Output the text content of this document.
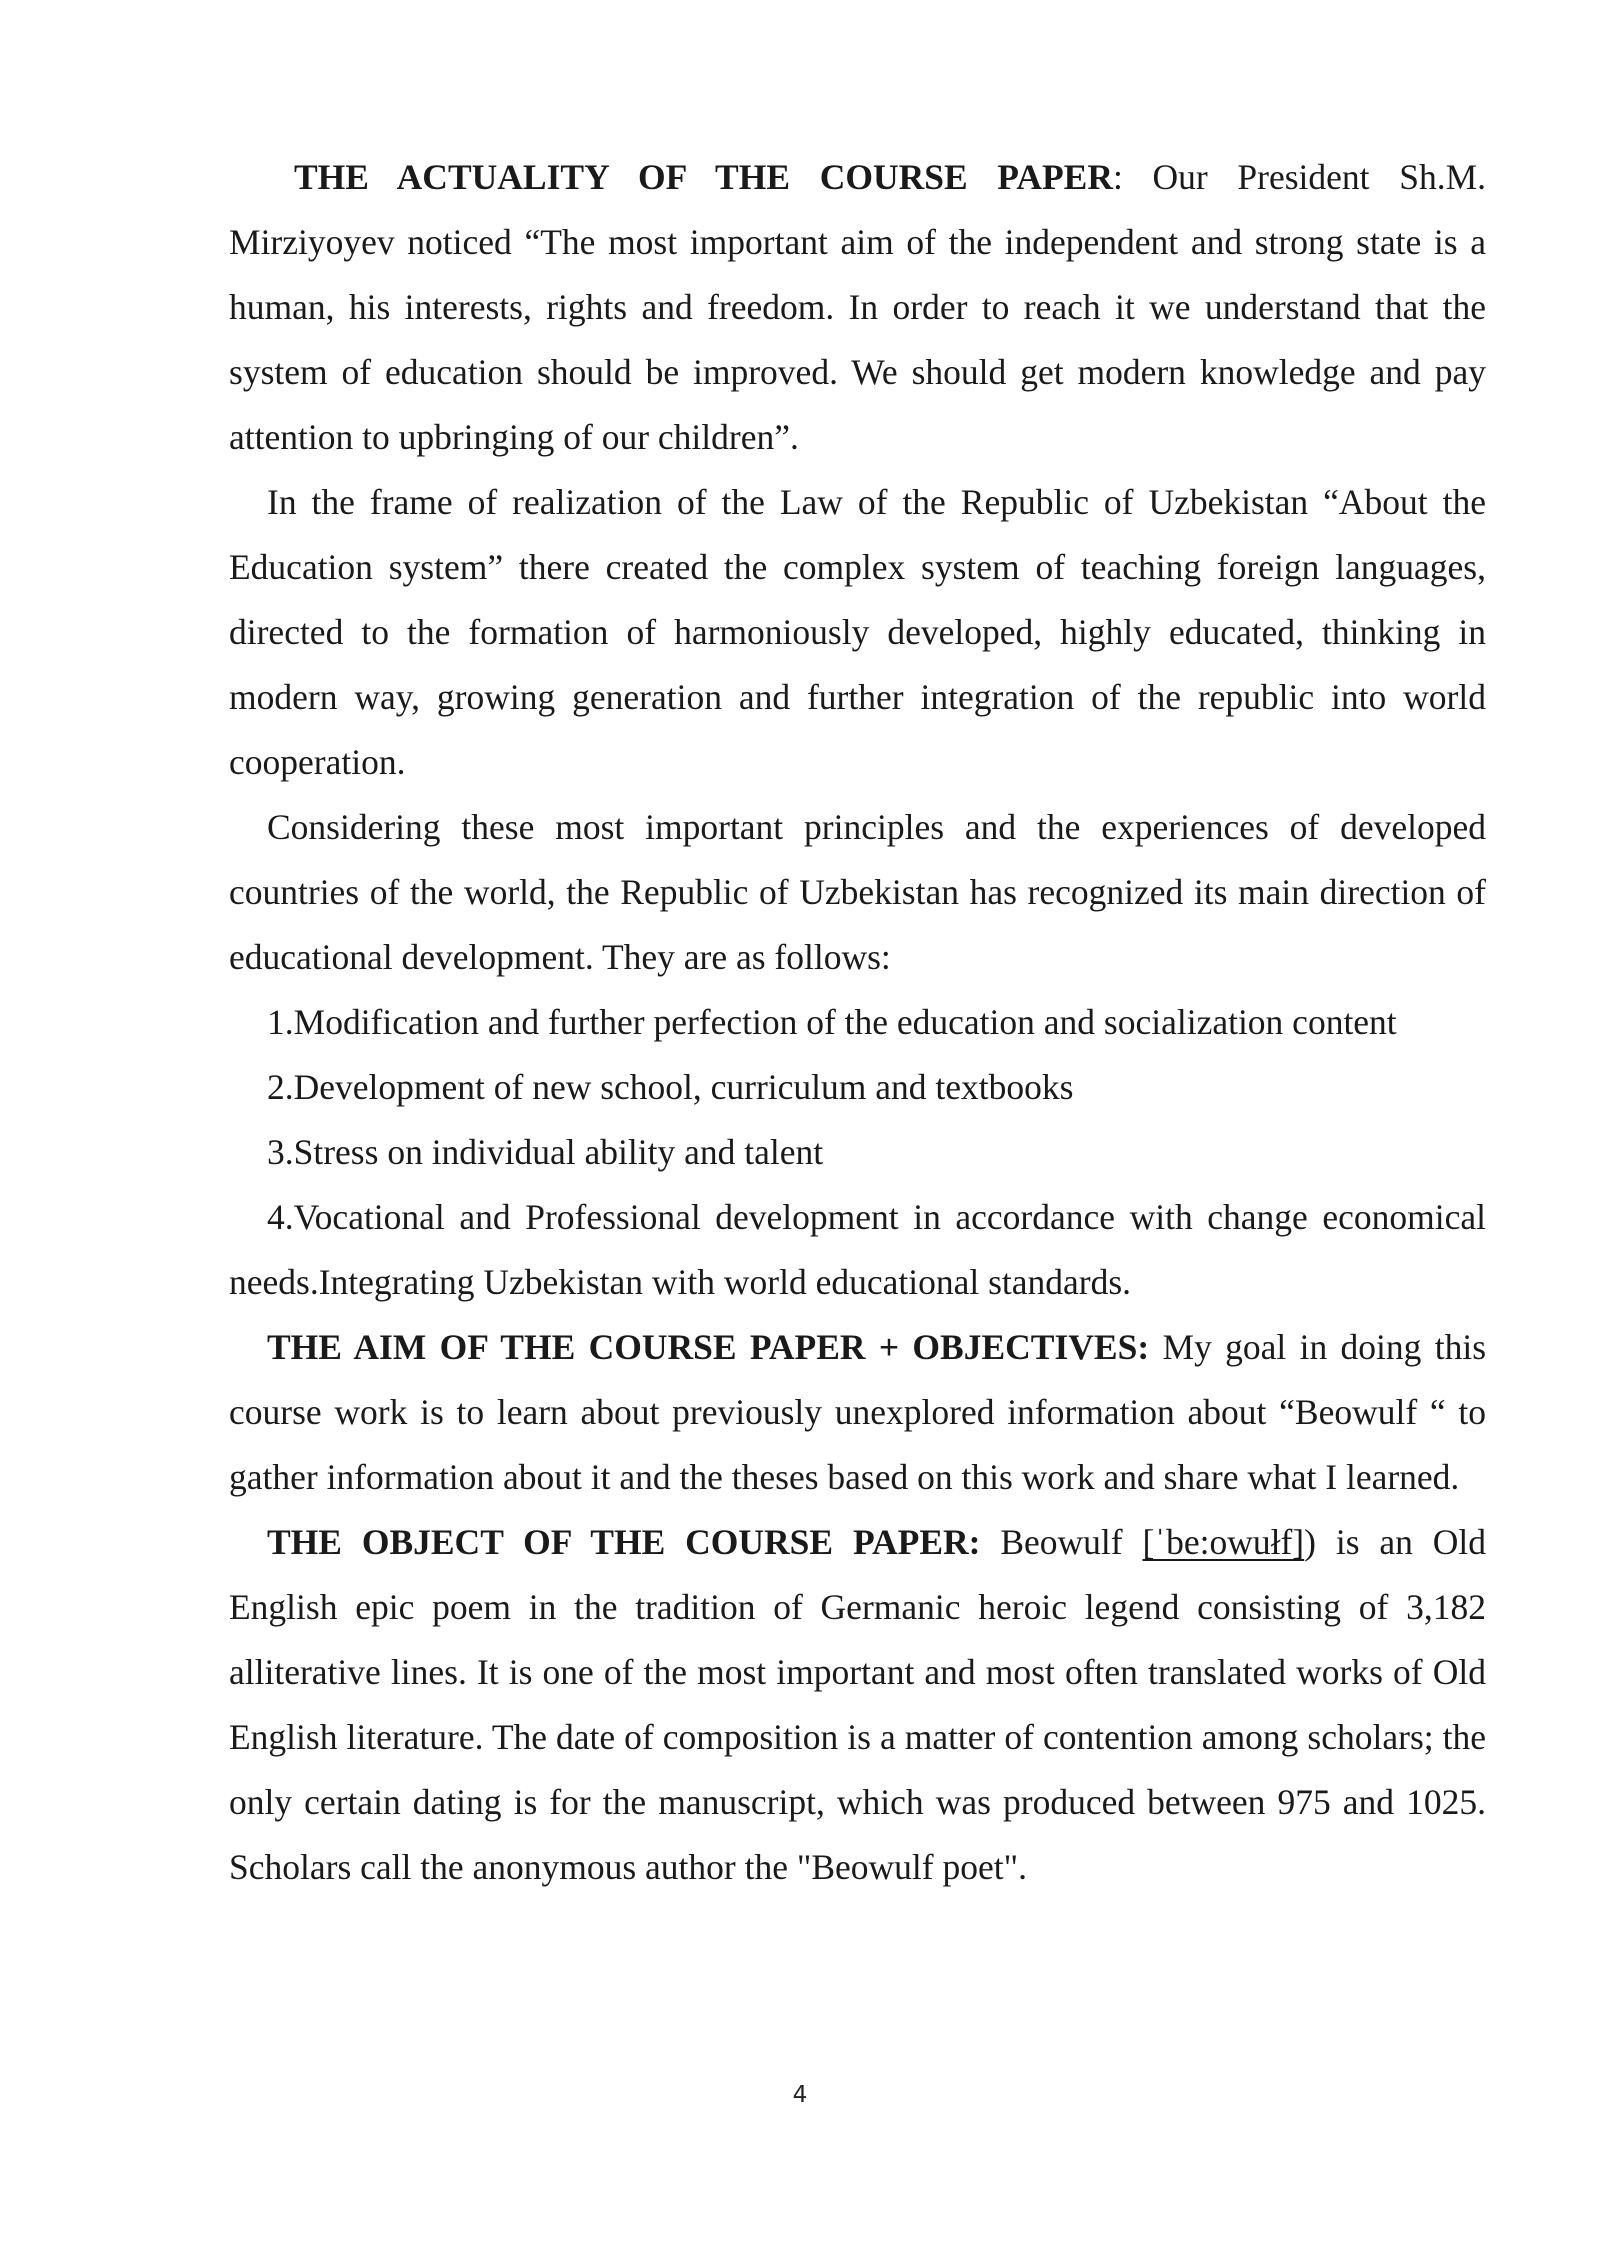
THE ACTUALITY OF THE COURSE PAPER: Our President Sh.M. Mirziyoyev noticed “The most important aim of the independent and strong state is a human, his interests, rights and freedom. In order to reach it we understand that the system of education should be improved. We should get modern knowledge and pay attention to upbringing of our children”.

In the frame of realization of the Law of the Republic of Uzbekistan “About the Education system” there created the complex system of teaching foreign languages, directed to the formation of harmoniously developed, highly educated, thinking in modern way, growing generation and further integration of the republic into world cooperation.

Considering these most important principles and the experiences of developed countries of the world, the Republic of Uzbekistan has recognized its main direction of educational development. They are as follows:

1.Modification and further perfection of the education and socialization content

2.Development of new school, curriculum and textbooks

3.Stress on individual ability and talent

4.Vocational and Professional development in accordance with change economical needs.Integrating Uzbekistan with world educational standards.

THE AIM OF THE COURSE PAPER + OBJECTIVES: My goal in doing this course work is to learn about previously unexplored information about “Beowulf “ to gather information about it and the theses based on this work and share what I learned.

THE OBJECT OF THE COURSE PAPER: Beowulf [ˈbe:owułf]) is an Old English epic poem in the tradition of Germanic heroic legend consisting of 3,182 alliterative lines. It is one of the most important and most often translated works of Old English literature. The date of composition is a matter of contention among scholars; the only certain dating is for the manuscript, which was produced between 975 and 1025. Scholars call the anonymous author the "Beowulf poet".

4
